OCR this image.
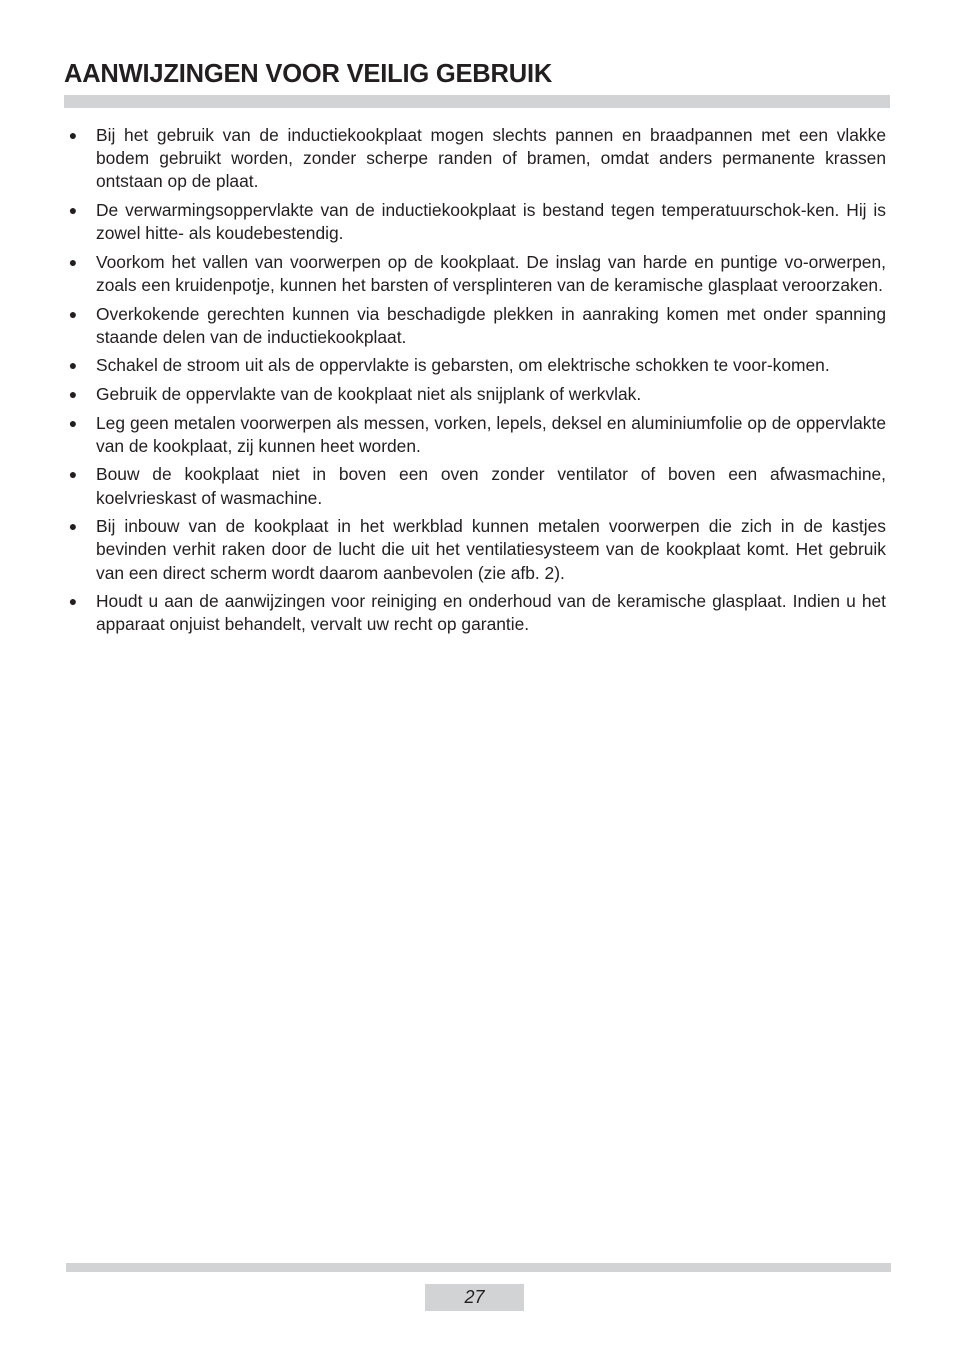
AANWIJZINGEN VOOR VEILIG GEBRUIK
● Bij het gebruik van de inductiekookplaat mogen slechts pannen en braadpannen met een vlakke bodem gebruikt worden, zonder scherpe randen of bramen, omdat anders permanente krassen ontstaan op de plaat.
● De verwarmingsoppervlakte van de inductiekookplaat is bestand tegen temperatuurschok-ken. Hij is zowel hitte- als koudebestendig.
● Voorkom het vallen van voorwerpen op de kookplaat. De inslag van harde en puntige vo-orwerpen, zoals een kruidenpotje, kunnen het barsten of versplinteren van de keramische glasplaat veroorzaken.
● Overkokende gerechten kunnen via beschadigde plekken in aanraking komen met onder spanning staande delen van de inductiekookplaat.
● Schakel de stroom uit als de oppervlakte is gebarsten, om elektrische schokken te voor-komen.
● Gebruik de oppervlakte van de kookplaat niet als snijplank of werkvlak.
● Leg geen metalen voorwerpen als messen, vorken, lepels, deksel en aluminiumfolie op de oppervlakte van de kookplaat, zij kunnen heet worden.
● Bouw de kookplaat niet in boven een oven zonder ventilator of boven een afwasmachine, koelvrieskast of wasmachine.
● Bij inbouw van de kookplaat in het werkblad kunnen metalen voorwerpen die zich in de kastjes bevinden verhit raken door de lucht die uit het ventilatiesysteem van de kookplaat komt. Het gebruik van een direct scherm wordt daarom aanbevolen (zie afb. 2).
● Houdt u aan de aanwijzingen voor reiniging en onderhoud van de keramische glasplaat. Indien u het apparaat onjuist behandelt, vervalt uw recht op garantie.
27
